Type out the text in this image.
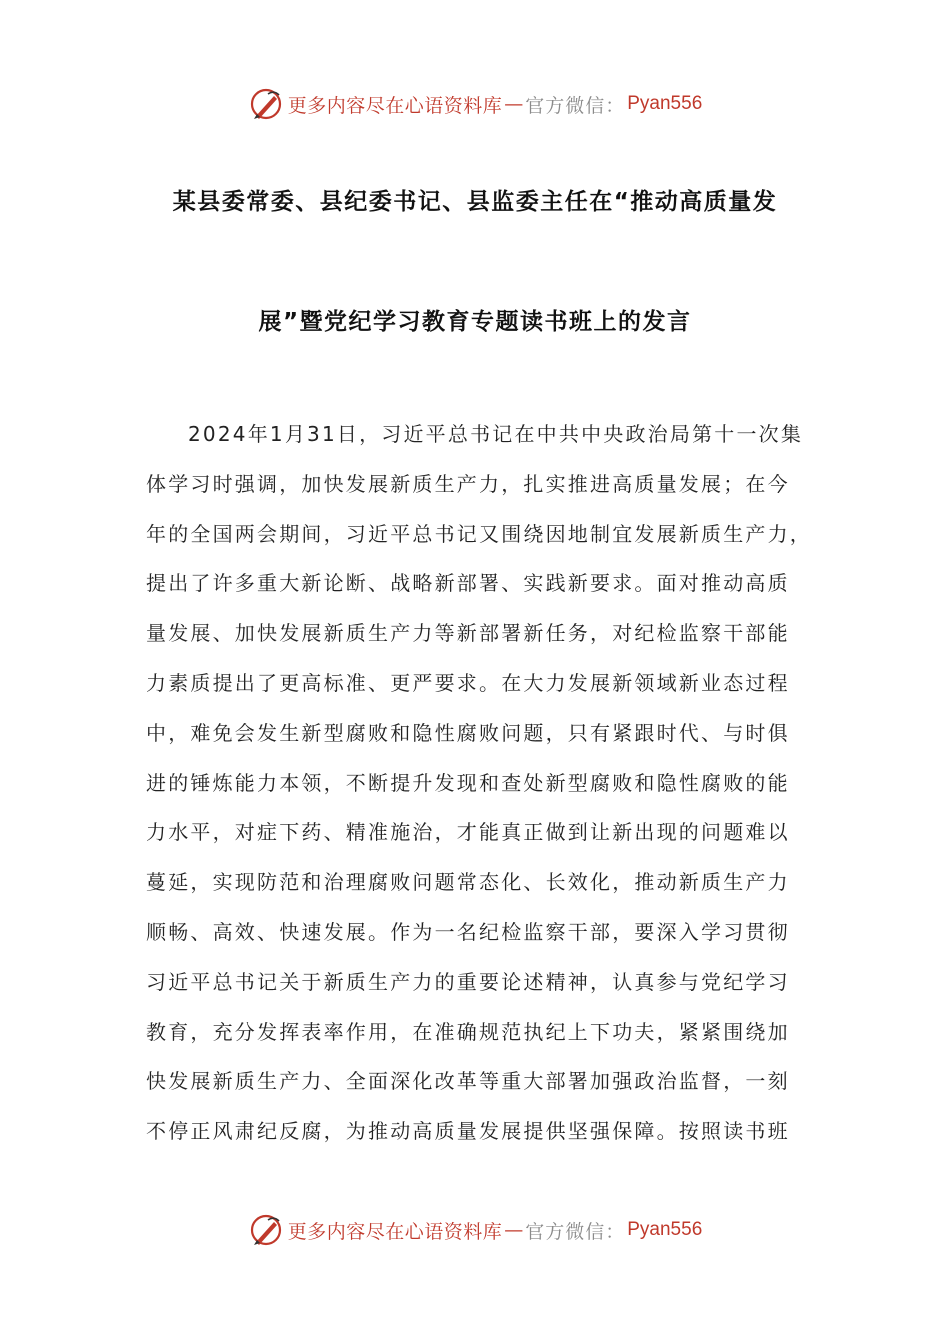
更多内容尽在心语资料库 — 官方微信： Pyan556
某县委常委、县纪委书记、县监委主任在“推动高质量发
展”暨党纪学习教育专题读书班上的发言
2024年1月31日，习近平总书记在中共中央政治局第十一次集
体学习时强调，加快发展新质生产力，扎实推进高质量发展；在今
年的全国两会期间，习近平总书记又围绕因地制宜发展新质生产力，
提出了许多重大新论断、战略新部署、实践新要求。面对推动高质
量发展、加快发展新质生产力等新部署新任务，对纪检监察干部能
力素质提出了更高标准、更严要求。在大力发展新领域新业态过程
中，难免会发生新型腐败和隐性腐败问题，只有紧跟时代、与时俱
进的锤炼能力本领，不断提升发现和查处新型腐败和隐性腐败的能
力水平，对症下药、精准施治，才能真正做到让新出现的问题难以
蔓延，实现防范和治理腐败问题常态化、长效化，推动新质生产力
顺畅、高效、快速发展。作为一名纪检监察干部，要深入学习贯彻
习近平总书记关于新质生产力的重要论述精神，认真参与党纪学习
教育，充分发挥表率作用，在准确规范执纪上下功夫，紧紧围绕加
快发展新质生产力、全面深化改革等重大部署加强政治监督，一刻
不停正风肃纪反腐，为推动高质量发展提供坚强保障。按照读书班
更多内容尽在心语资料库 — 官方微信： Pyan556
